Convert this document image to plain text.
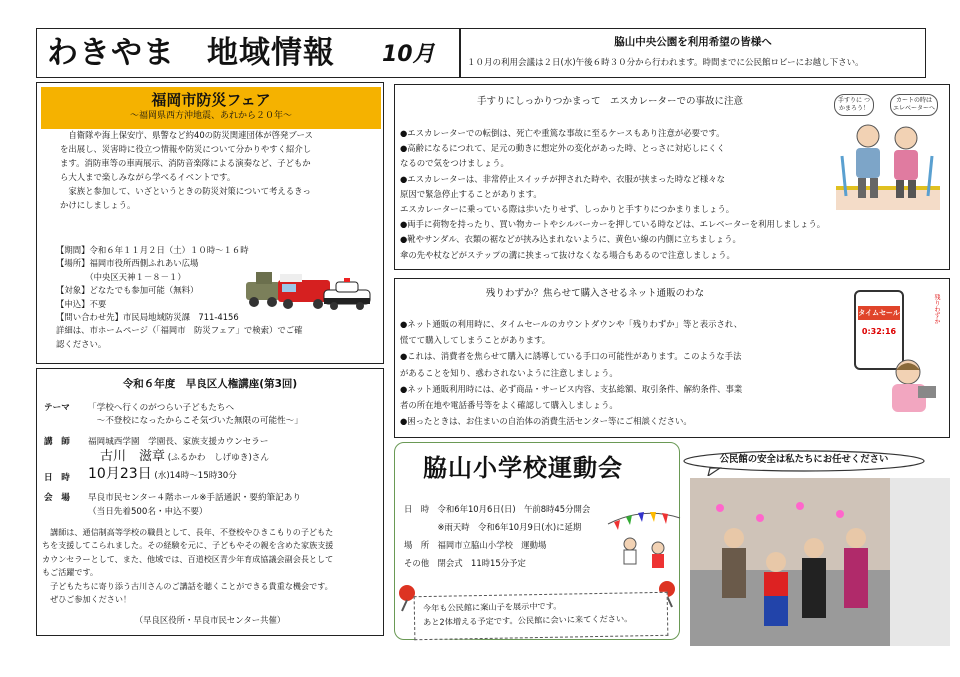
わきやま　地域情報 10月	脇山中央公園を利用希望の皆様へ
１０月の利用会議は２日(水)午後６時３０分から行われます。時間までに公民館ロビーにお越し下さい。
福岡市防災フェア
～福岡県西方沖地震、あれから２０年～

　自衛隊や海上保安庁、県警など約40の防災関連団体が啓発ブース

を出展し、災害時に役立つ情報や防災について分かりやすく紹介し

ます。消防車等の車両展示、消防音楽隊による演奏など、子どもか

ら大人まで楽しみながら学べるイベントです。

　家族と参加して、いざというときの防災対策について考えるきっ

かけにしましょう。

【期間】令和６年１１月２日（土）１０時～１６時

【場所】福岡市役所西側ふれあい広場

　　　　（中央区天神１－８－１）

【対象】どなたでも参加可能（無料）

【申込】不要

【問い合わせ先】市民局地域防災課　711-4156

詳細は、市ホームページ（「福岡市　防災フェア」で検索）でご確

認ください。

手すりにしっかりつかまって　エスカレーターでの事故に注意

●エスカレーターでの転倒は、死亡や重篤な事故に至るケースもあり注意が必要です。

●高齢になるにつれて、足元の動きに想定外の変化があった時、とっさに対応しにくく

なるので気をつけましょう。

●エスカレーターは、非常停止スイッチが押された時や、衣服が挟まった時など様々な

原因で緊急停止することがあります。

エスカレーターに乗っている際は歩いたりせず、しっかりと手すりにつかまりましょう。

●両手に荷物を持ったり、買い物カートやシルバーカーを押している時などは、エレベーターを利用しましょう。

●靴やサンダル、衣類の裾などが挟み込まれないように、黄色い線の内側に立ちましょう。

傘の先や杖などがステップの溝に挟まって抜けなくなる場合もあるので注意しましょう。

手すりに つかまろう！
カートの時は エレベーターへ
残りわずか？焦らせて購入させるネット通販のわな

●ネット通販の利用時に、タイムセールのカウントダウンや「残りわずか」等と表示され、

慌てて購入してしまうことがあります。

●これは、消費者を焦らせて購入に誘導している手口の可能性があります。このような手法

があることを知り、惑わされないように注意しましょう。

●ネット通販利用時には、必ず商品・サービス内容、支払総額、取引条件、解約条件、事業

者の所在地や電話番号等をよく確認して購入しましょう。

●困ったときは、お住まいの自治体の消費生活センター等にご相談ください。

タイムセール
0:32:16
残りわずか
令和６年度　早良区人権講座(第3回)
テーマ 「学校へ行くのがつらい子どもたちへ

　～不登校になったからこそ気づいた無限の可能性～」

講　師 福岡城西学園　学園長、家族支援カウンセラー
古川　滋章 (ふるかわ　しげゆき)さん
日　時 10月23日 (水)14時～15時30分
会　場 早良市民センター４階ホール※手話通訳・要約筆記あり
（当日先着500名・申込不要）

　講師は、通信制高等学校の職員として、長年、不登校やひきこもりの子どもた

ちを支援してこられました。その経験を元に、子どもやその親を含めた家族支援

カウンセラーとして、また、他域では、百道校区青少年育成協議会副会長として

もご活躍です。

　子どもたちに寄り添う古川さんのご講話を聴くことができる貴重な機会です。

　ぜひご参加ください！

（早良区役所・早良市民センター共催）
脇山小学校運動会

日　時　令和6年10月6日(日)　午前8時45分開会

　　　　※雨天時　令和6年10月9日(水)に延期

場　所　福岡市立脇山小学校　運動場

その他　閉会式　11時15分予定

今年も公民館に案山子を展示中です。

あと2体増える予定です。公民館に会いに来てください。

公民館の安全は私たちにお任せください
